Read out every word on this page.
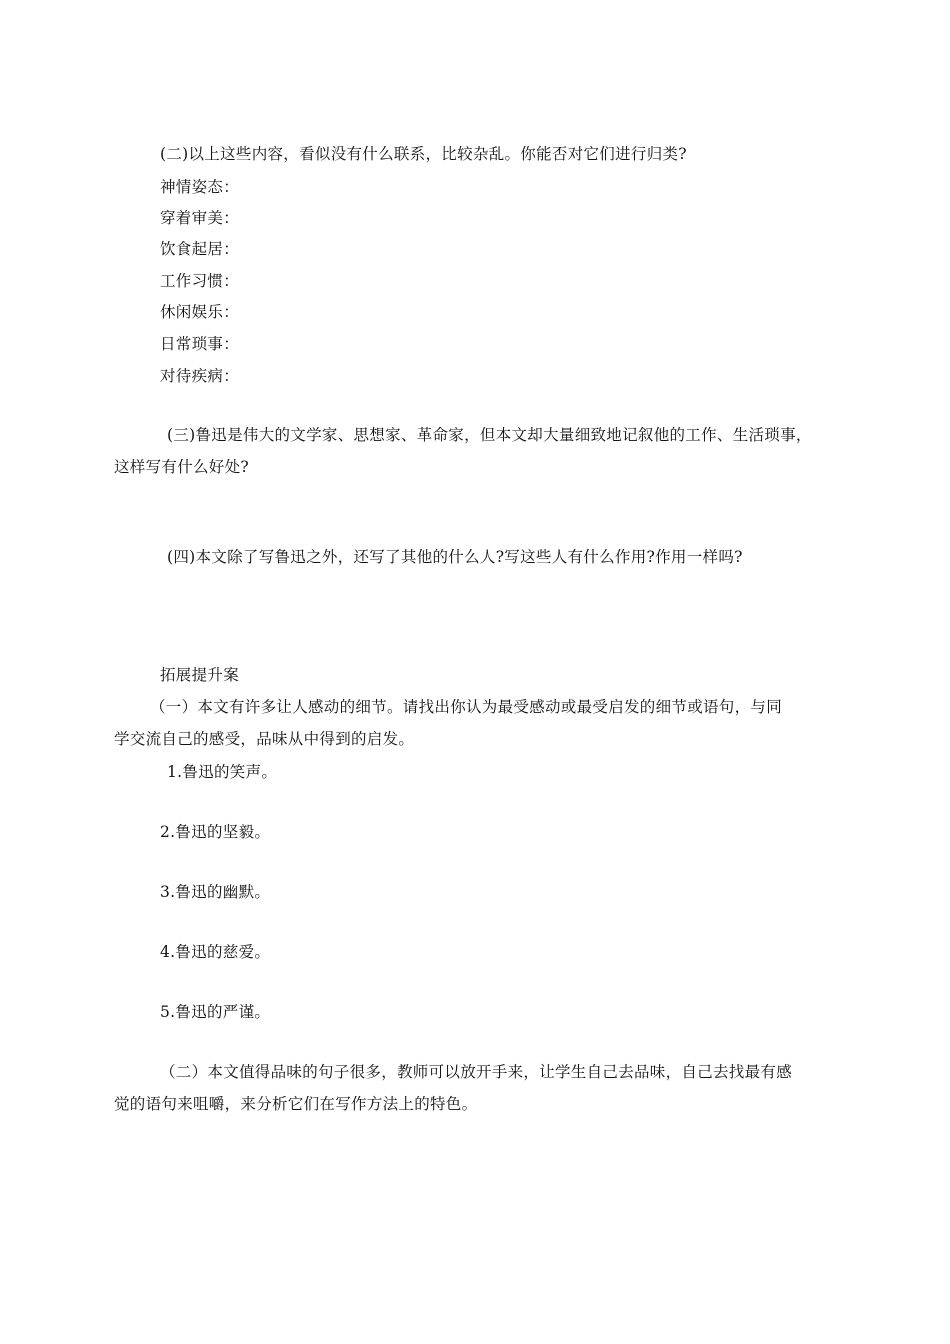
(二)以上这些内容，看似没有什么联系，比较杂乱。你能否对它们进行归类?
神情姿态：
穿着审美：
饮食起居：
工作习惯：
休闲娱乐：
日常琐事：
对待疾病：
(三)鲁迅是伟大的文学家、思想家、革命家，但本文却大量细致地记叙他的工作、生活琐事，
这样写有什么好处?
(四)本文除了写鲁迅之外，还写了其他的什么人?写这些人有什么作用?作用一样吗?
拓展提升案
（一）本文有许多让人感动的细节。请找出你认为最受感动或最受启发的细节或语句，与同
学交流自己的感受，品味从中得到的启发。
1.鲁迅的笑声。
2.鲁迅的坚毅。
3.鲁迅的幽默。
4.鲁迅的慈爱。
5.鲁迅的严谨。
（二）本文值得品味的句子很多，教师可以放开手来，让学生自己去品味，自己去找最有感
觉的语句来咀嚼，来分析它们在写作方法上的特色。
